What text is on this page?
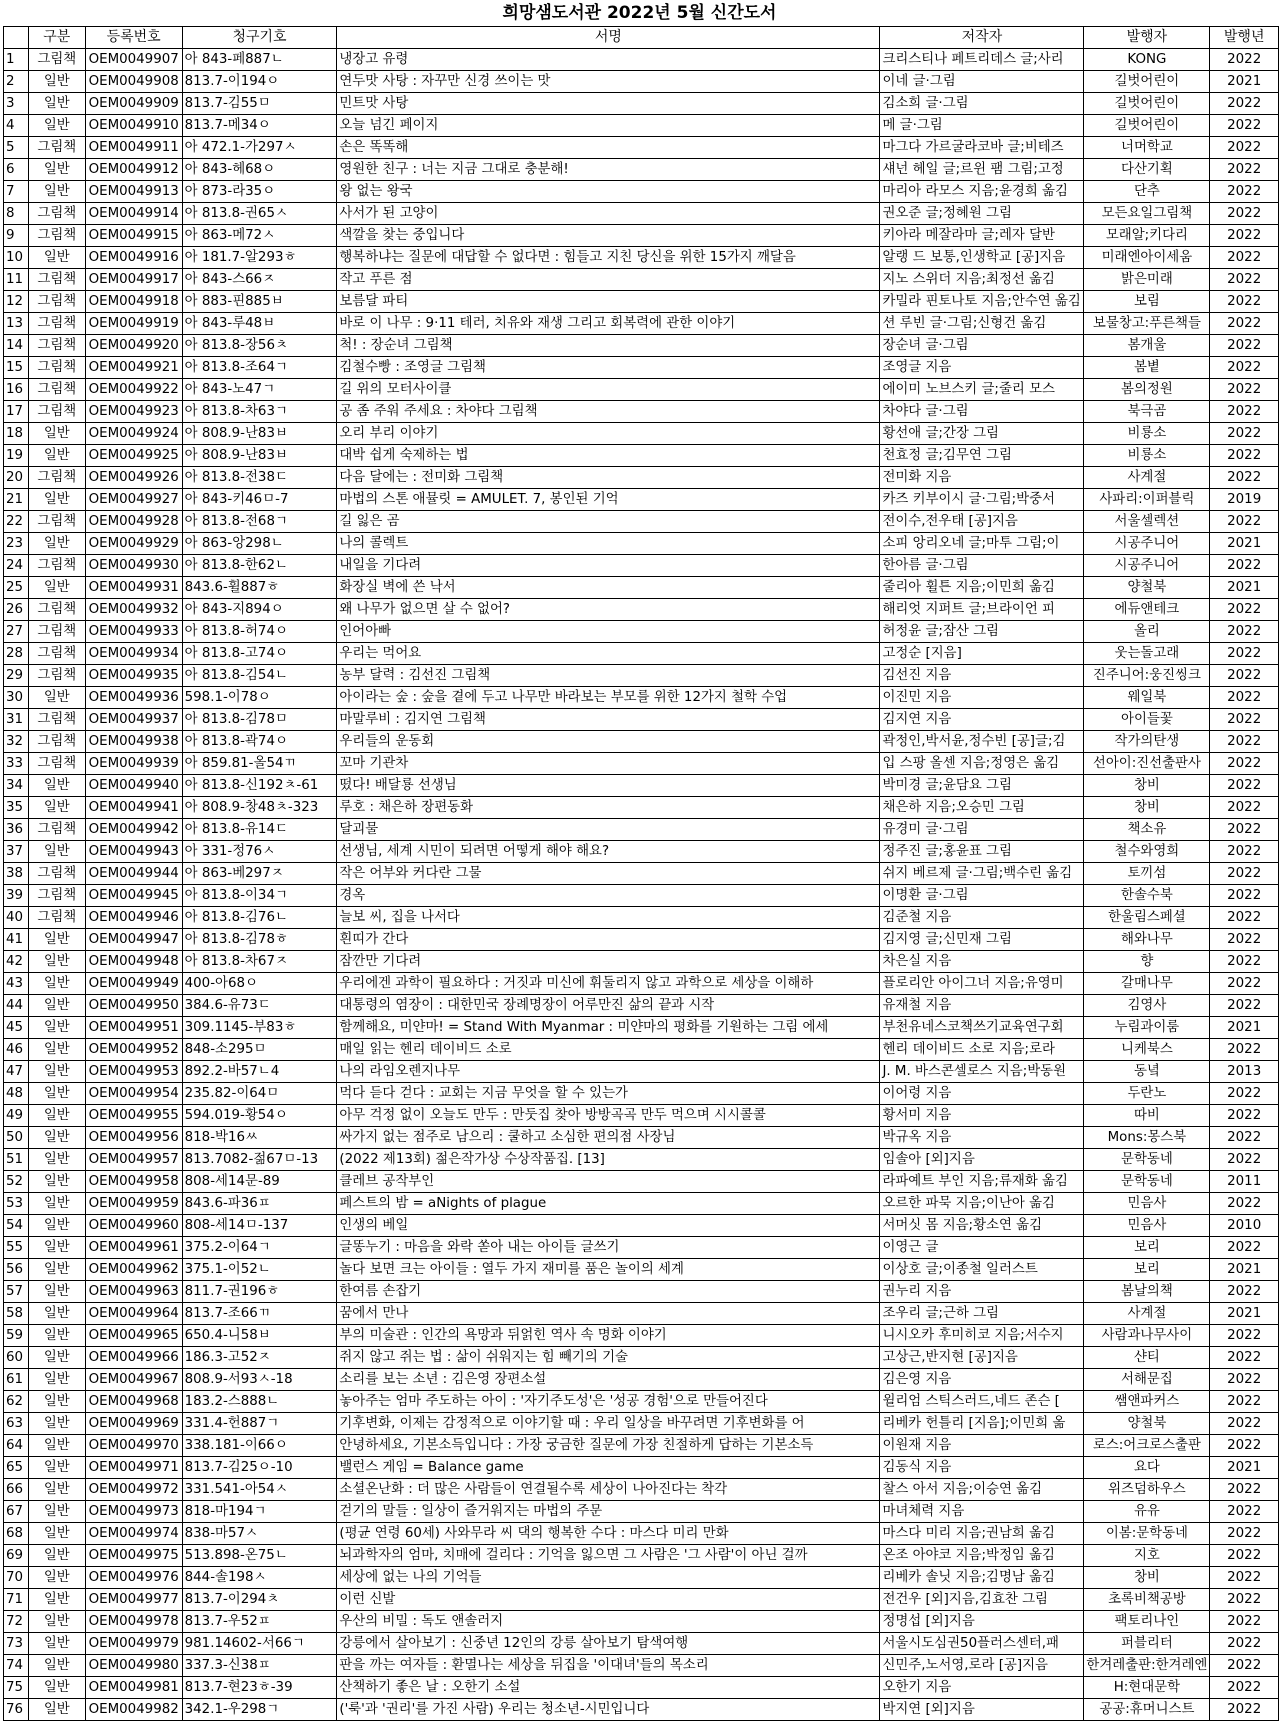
희망샘도서관 2022년 5월 신간도서
	구분	등록번호	청구기호	서명	저작자	발행자	발행년
1	그림책	OEM0049907	아 843-페887ㄴ	냉장고 유령	크리스티나 페트리데스 글;사리	KONG	2022
2	일반	OEM0049908	813.7-이194ㅇ	연두맛 사탕 : 자꾸만 신경 쓰이는 맛	이네 글·그림	길벗어린이	2021
3	일반	OEM0049909	813.7-김55ㅁ	민트맛 사탕	김소희 글·그림	길벗어린이	2022
4	일반	OEM0049910	813.7-메34ㅇ	오늘 넘긴 페이지	메 글·그림	길벗어린이	2022
5	그림책	OEM0049911	아 472.1-가297ㅅ	손은 똑똑해	마그다 가르굴라코바 글;비테즈	너머학교	2022
6	일반	OEM0049912	아 843-헤68ㅇ	영원한 친구 : 너는 지금 그대로 충분해!	섀넌 헤일 글;르윈 팸 그림;고정	다산기획	2022
7	일반	OEM0049913	아 873-라35ㅇ	왕 없는 왕국	마리아 라모스 지음;윤경희 옮김	단추	2022
8	그림책	OEM0049914	아 813.8-권65ㅅ	사서가 된 고양이	권오준 글;정혜원 그림	모든요일그림책	2022
9	그림책	OEM0049915	아 863-메72ㅅ	색깔을 찾는 중입니다	키아라 메잘라마 글;레자 달반	모래알;키다리	2022
10	일반	OEM0049916	아 181.7-알293ㅎ	행복하냐는 질문에 대답할 수 없다면 : 힘들고 지친 당신을 위한 15가지 깨달음	알랭 드 보통,인생학교 [공]지음	미래엔아이세움	2022
11	그림책	OEM0049917	아 843-스66ㅈ	작고 푸른 점	지노 스위더 지음;최정선 옮김	밝은미래	2022
12	그림책	OEM0049918	아 883-핀885ㅂ	보름달 파티	카밀라 핀토나토 지음;안수연 옮김	보림	2022
13	그림책	OEM0049919	아 843-루48ㅂ	바로 이 나무 : 9·11 테러, 치유와 재생 그리고 회복력에 관한 이야기	션 루빈 글·그림;신형건 옮김	보물창고:푸른책들	2022
14	그림책	OEM0049920	아 813.8-장56ㅊ	척! : 장순녀 그림책	장순녀 글·그림	봄개울	2022
15	그림책	OEM0049921	아 813.8-조64ㄱ	김철수빵 : 조영글 그림책	조영글 지음	봄볕	2022
16	그림책	OEM0049922	아 843-노47ㄱ	길 위의 모터사이클	에이미 노브스키 글;줄리 모스	봄의정원	2022
17	그림책	OEM0049923	아 813.8-차63ㄱ	공 좀 주워 주세요 : 차야다 그림책	차야다 글·그림	북극곰	2022
18	일반	OEM0049924	아 808.9-난83ㅂ	오리 부리 이야기	황선애 글;간장 그림	비룡소	2022
19	일반	OEM0049925	아 808.9-난83ㅂ	대박 쉽게 숙제하는 법	천효정 글;김무연 그림	비룡소	2022
20	그림책	OEM0049926	아 813.8-전38ㄷ	다음 달에는 : 전미화 그림책	전미화 지음	사계절	2022
21	일반	OEM0049927	아 843-키46ㅁ-7	마법의 스톤 애뮬릿 = AMULET. 7, 봉인된 기억	카즈 키부이시 글·그림;박중서	사파리:이퍼블릭	2019
22	그림책	OEM0049928	아 813.8-전68ㄱ	길 잃은 곰	전이수,전우태 [공]지음	서울셀렉션	2022
23	일반	OEM0049929	아 863-앙298ㄴ	나의 콜렉트	소피 앙리오네 글;마투 그림;이	시공주니어	2021
24	그림책	OEM0049930	아 813.8-한62ㄴ	내일을 기다려	한아름 글·그림	시공주니어	2022
25	일반	OEM0049931	843.6-휠887ㅎ	화장실 벽에 쓴 낙서	줄리아 휠튼 지음;이민희 옮김	양철북	2021
26	그림책	OEM0049932	아 843-지894ㅇ	왜 나무가 없으면 살 수 없어?	해리엇 지퍼트 글;브라이언 피	에듀앤테크	2022
27	그림책	OEM0049933	아 813.8-허74ㅇ	인어아빠	허정윤 글;잠산 그림	올리	2022
28	그림책	OEM0049934	아 813.8-고74ㅇ	우리는 먹어요	고정순 [지음]	웃는돌고래	2022
29	그림책	OEM0049935	아 813.8-김54ㄴ	농부 달력 : 김선진 그림책	김선진 지음	진주니어:웅진씽크	2022
30	일반	OEM0049936	598.1-이78ㅇ	아이라는 숲 : 숲을 곁에 두고 나무만 바라보는 부모를 위한 12가지 철학 수업	이진민 지음	웨일북	2022
31	그림책	OEM0049937	아 813.8-김78ㅁ	마말루비 : 김지연 그림책	김지연 지음	아이들꽃	2022
32	그림책	OEM0049938	아 813.8-곽74ㅇ	우리들의 운동회	곽정인,박서윤,정수빈 [공]글;김	작가의탄생	2022
33	그림책	OEM0049939	아 859.81-올54ㄲ	꼬마 기관차	입 스팡 올센 지음;정영은 옮김	선아이:진선출판사	2022
34	일반	OEM0049940	아 813.8-신192ㅊ-61	떴다! 배달룡 선생님	박미경 글;윤담요 그림	창비	2022
35	일반	OEM0049941	아 808.9-창48ㅊ-323	루호 : 채은하 장편동화	채은하 지음;오승민 그림	창비	2022
36	그림책	OEM0049942	아 813.8-유14ㄷ	달괴물	유경미 글·그림	책소유	2022
37	일반	OEM0049943	아 331-정76ㅅ	선생님, 세계 시민이 되려면 어떻게 해야 해요?	정주진 글;홍윤표 그림	철수와영희	2022
38	그림책	OEM0049944	아 863-베297ㅈ	작은 어부와 커다란 그물	쉬지 베르제 글·그림;백수린 옮김	토끼섬	2022
39	그림책	OEM0049945	아 813.8-이34ㄱ	경옥	이명환 글·그림	한솔수북	2022
40	그림책	OEM0049946	아 813.8-김76ㄴ	늘보 씨, 집을 나서다	김준철 지음	한울림스페셜	2022
41	일반	OEM0049947	아 813.8-김78ㅎ	흰띠가 간다	김지영 글;신민재 그림	해와나무	2022
42	일반	OEM0049948	아 813.8-차67ㅈ	잠깐만 기다려	차은실 지음	향	2022
43	일반	OEM0049949	400-아68ㅇ	우리에겐 과학이 필요하다 : 거짓과 미신에 휘둘리지 않고 과학으로 세상을 이해하	플로리안 아이그너 지음;유영미	갈매나무	2022
44	일반	OEM0049950	384.6-유73ㄷ	대통령의 염장이 : 대한민국 장례명장이 어루만진 삶의 끝과 시작	유재철 지음	김영사	2022
45	일반	OEM0049951	309.1145-부83ㅎ	함께해요, 미얀마! = Stand With Myanmar : 미얀마의 평화를 기원하는 그림 에세	부천유네스코책쓰기교육연구회	누림과이룸	2021
46	일반	OEM0049952	848-소295ㅁ	매일 읽는 헨리 데이비드 소로	헨리 데이비드 소로 지음;로라	니케북스	2022
47	일반	OEM0049953	892.2-바57ㄴ4	나의 라임오렌지나무	J. M. 바스콘셀로스 지음;박동원	동녘	2013
48	일반	OEM0049954	235.82-이64ㅁ	먹다 듣다 걷다 : 교회는 지금 무엇을 할 수 있는가	이어령 지음	두란노	2022
49	일반	OEM0049955	594.019-황54ㅇ	아무 걱정 없이 오늘도 만두 : 만둣집 찾아 방방곡곡 만두 먹으며 시시콜콜	황서미 지음	따비	2022
50	일반	OEM0049956	818-박16ㅆ	싸가지 없는 점주로 남으리 : 쿨하고 소심한 편의점 사장님	박규옥 지음	Mons:몽스북	2022
51	일반	OEM0049957	813.7082-젊67ㅁ-13	(2022 제13회) 젊은작가상 수상작품집. [13]	임솔아 [외]지음	문학동네	2022
52	일반	OEM0049958	808-세14문-89	클레브 공작부인	라파예트 부인 지음;류재화 옮김	문학동네	2011
53	일반	OEM0049959	843.6-파36ㅍ	페스트의 밤 = aNights of plague	오르한 파묵 지음;이난아 옮김	민음사	2022
54	일반	OEM0049960	808-세14ㅁ-137	인생의 베일	서머싯 몸 지음;황소연 옮김	민음사	2010
55	일반	OEM0049961	375.2-이64ㄱ	글똥누기 : 마음을 와락 쏟아 내는 아이들 글쓰기	이영근 글	보리	2022
56	일반	OEM0049962	375.1-이52ㄴ	놀다 보면 크는 아이들 : 열두 가지 재미를 품은 놀이의 세계	이상호 글;이종철 일러스트	보리	2021
57	일반	OEM0049963	811.7-권196ㅎ	한여름 손잡기	권누리 지음	봄날의책	2022
58	일반	OEM0049964	813.7-조66ㄲ	꿈에서 만나	조우리 글;근하 그림	사계절	2021
59	일반	OEM0049965	650.4-니58ㅂ	부의 미술관 : 인간의 욕망과 뒤얽힌 역사 속 명화 이야기	니시오카 후미히코 지음;서수지	사람과나무사이	2022
60	일반	OEM0049966	186.3-고52ㅈ	쥐지 않고 쥐는 법 : 삶이 쉬워지는 힘 빼기의 기술	고상근,반지현 [공]지음	샨티	2022
61	일반	OEM0049967	808.9-서93ㅅ-18	소리를 보는 소년 : 김은영 장편소설	김은영 지음	서해문집	2022
62	일반	OEM0049968	183.2-스888ㄴ	놓아주는 엄마 주도하는 아이 : '자기주도성'은 '성공 경험'으로 만들어진다	윌리엄 스틱스러드,네드 존슨 [	쌤앤파커스	2022
63	일반	OEM0049969	331.4-헌887ㄱ	기후변화, 이제는 감정적으로 이야기할 때 : 우리 일상을 바꾸려면 기후변화를 어	리베카 헌틀리 [지음];이민희 옮	양철북	2022
64	일반	OEM0049970	338.181-이66ㅇ	안녕하세요, 기본소득입니다 : 가장 궁금한 질문에 가장 친절하게 답하는 기본소득	이원재 지음	로스:어크로스출판	2022
65	일반	OEM0049971	813.7-김25ㅇ-10	밸런스 게임 = Balance game	김동식 지음	요다	2021
66	일반	OEM0049972	331.541-아54ㅅ	소셜온난화 : 더 많은 사람들이 연결될수록 세상이 나아진다는 착각	찰스 아서 지음;이승연 옮김	위즈덤하우스	2022
67	일반	OEM0049973	818-마194ㄱ	걷기의 말들 : 일상이 즐거워지는 마법의 주문	마녀체력 지음	유유	2022
68	일반	OEM0049974	838-마57ㅅ	(평균 연령 60세) 사와무라 씨 댁의 행복한 수다 : 마스다 미리 만화	마스다 미리 지음;권남희 옮김	이봄:문학동네	2022
69	일반	OEM0049975	513.898-온75ㄴ	뇌과학자의 엄마, 치매에 걸리다 : 기억을 잃으면 그 사람은 '그 사람'이 아닌 걸까	온조 아야코 지음;박정임 옮김	지호	2022
70	일반	OEM0049976	844-솔198ㅅ	세상에 없는 나의 기억들	리베카 솔닛 지음;김명남 옮김	창비	2022
71	일반	OEM0049977	813.7-이294ㅊ	이런 신발	전건우 [외]지음,김효찬 그림	초록비책공방	2022
72	일반	OEM0049978	813.7-우52ㅍ	우산의 비밀 : 독도 앤솔러지	정명섭 [외]지음	팩토리나인	2022
73	일반	OEM0049979	981.14602-서66ㄱ	강릉에서 살아보기 : 신중년 12인의 강릉 살아보기 탐색여행	서울시도심권50플러스센터,패	퍼블리터	2022
74	일반	OEM0049980	337.3-신38ㅍ	판을 까는 여자들 : 환멸나는 세상을 뒤집을 '이대녀'들의 목소리	신민주,노서영,로라 [공]지음	한겨레출판:한겨레엔	2022
75	일반	OEM0049981	813.7-현23ㅎ-39	산책하기 좋은 날 : 오한기 소설	오한기 지음	H:현대문학	2022
76	일반	OEM0049982	342.1-우298ㄱ	('룩'과 '권리'를 가진 사람) 우리는 청소년-시민입니다	박지연 [외]지음	공공:휴머니스트	2022
